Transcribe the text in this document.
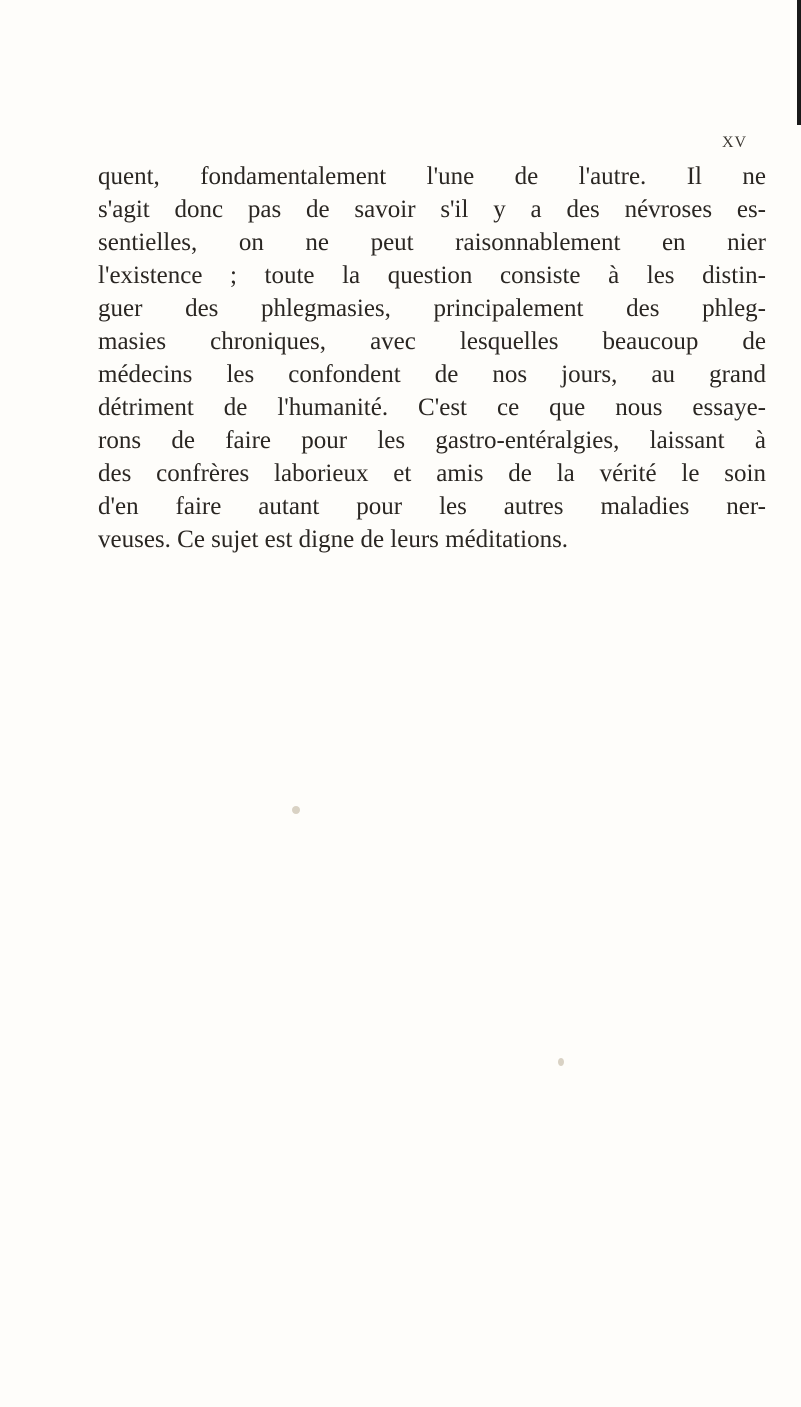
XV
quent, fondamentalement l'une de l'autre. Il ne
s'agit donc pas de savoir s'il y a des névroses es-
sentielles, on ne peut raisonnablement en nier
l'existence ; toute la question consiste à les distin-
guer des phlegmasies, principalement des phleg-
masies chroniques, avec lesquelles beaucoup de
médecins les confondent de nos jours, au grand
détriment de l'humanité. C'est ce que nous essaye-
rons de faire pour les gastro-entéralgies, laissant à
des confrères laborieux et amis de la vérité le soin
d'en faire autant pour les autres maladies ner-
veuses. Ce sujet est digne de leurs méditations.
